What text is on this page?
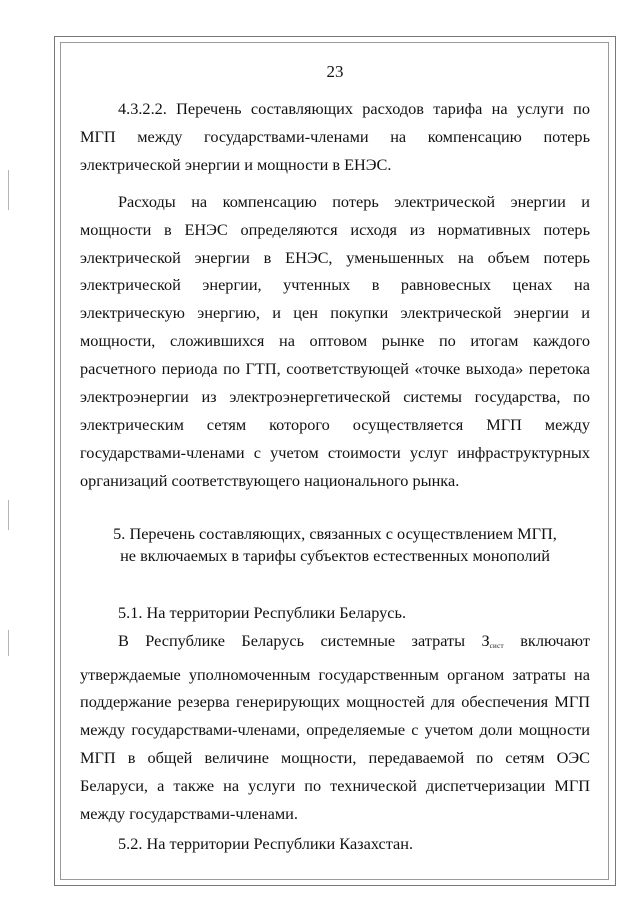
23

4.3.2.2. Перечень составляющих расходов тарифа на услуги по МГП между государствами-членами на компенсацию потерь электрической энергии и мощности в ЕНЭС.

Расходы на компенсацию потерь электрической энергии и мощности в ЕНЭС определяются исходя из нормативных потерь электрической энергии в ЕНЭС, уменьшенных на объем потерь электрической энергии, учтенных в равновесных ценах на электрическую энергию, и цен покупки электрической энергии и мощности, сложившихся на оптовом рынке по итогам каждого расчетного периода по ГТП, соответствующей «точке выхода» перетока электроэнергии из электроэнергетической системы государства, по электрическим сетям которого осуществляется МГП между государствами-членами с учетом стоимости услуг инфраструктурных организаций соответствующего национального рынка.

5. Перечень составляющих, связанных с осуществлением МГП,
не включаемых в тарифы субъектов естественных монополий

5.1. На территории Республики Беларусь.

В Республике Беларусь системные затраты $З_{сист}$ включают утверждаемые уполномоченным государственным органом затраты на поддержание резерва генерирующих мощностей для обеспечения МГП между государствами-членами, определяемые с учетом доли мощности МГП в общей величине мощности, передаваемой по сетям ОЭС Беларуси, а также на услуги по технической диспетчеризации МГП между государствами-членами.

5.2. На территории Республики Казахстан.
